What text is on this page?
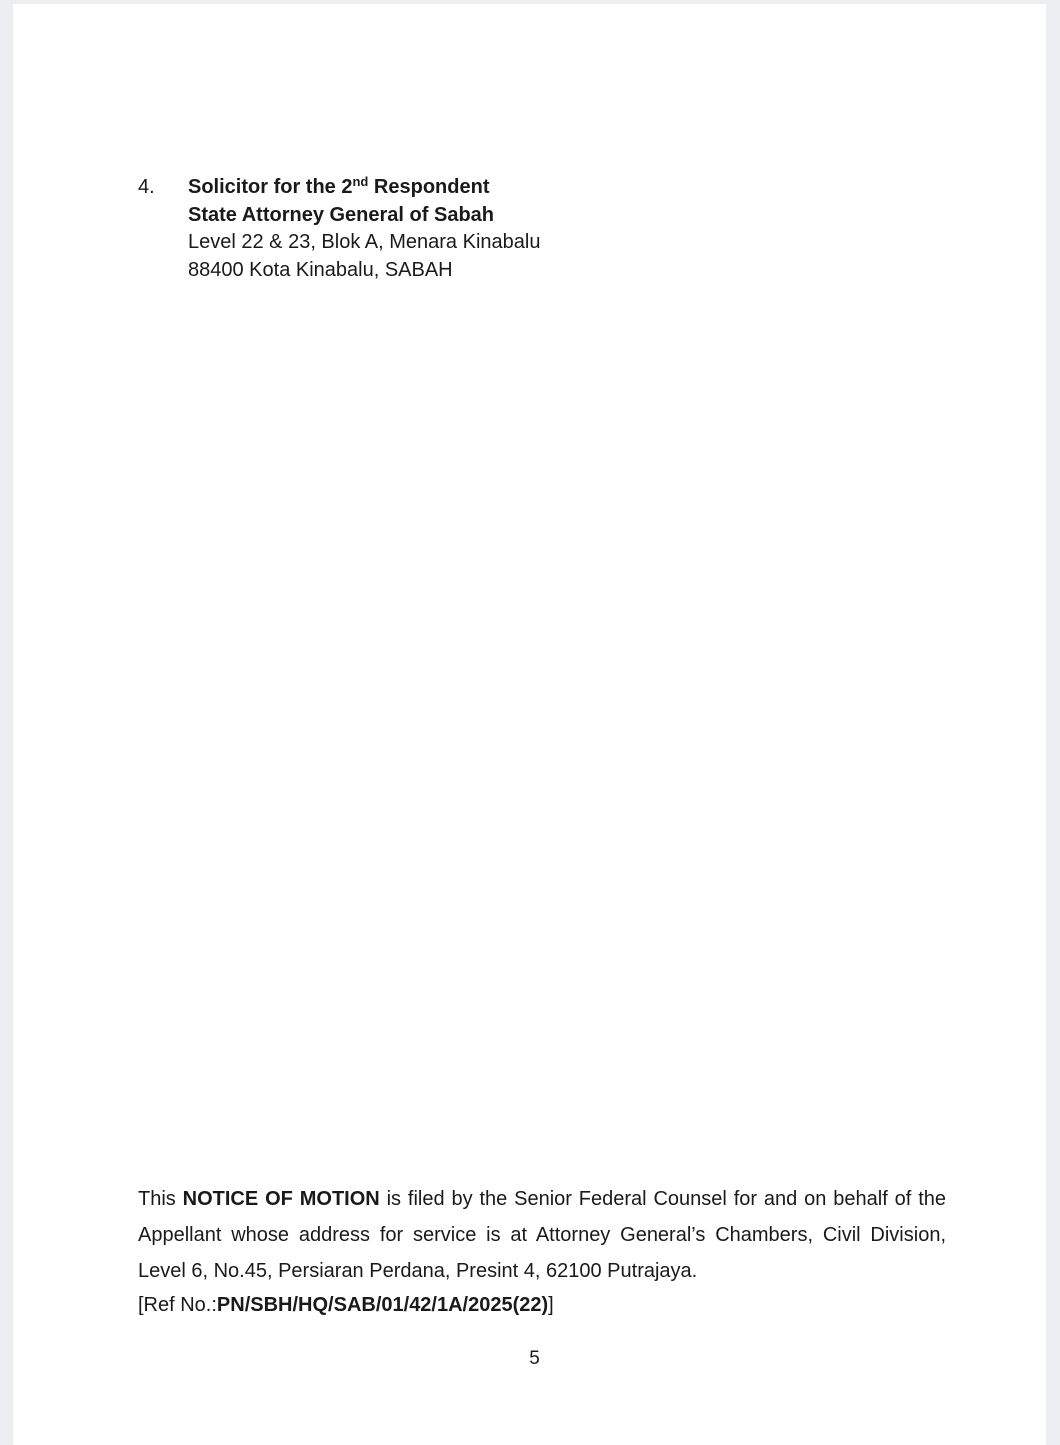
4.	Solicitor for the 2nd Respondent
State Attorney General of Sabah
Level 22 & 23, Blok A, Menara Kinabalu
88400 Kota Kinabalu, SABAH
This NOTICE OF MOTION is filed by the Senior Federal Counsel for and on behalf of the Appellant whose address for service is at Attorney General’s Chambers, Civil Division, Level 6, No.45, Persiaran Perdana, Presint 4, 62100 Putrajaya.
[Ref No.:PN/SBH/HQ/SAB/01/42/1A/2025(22)]
5
